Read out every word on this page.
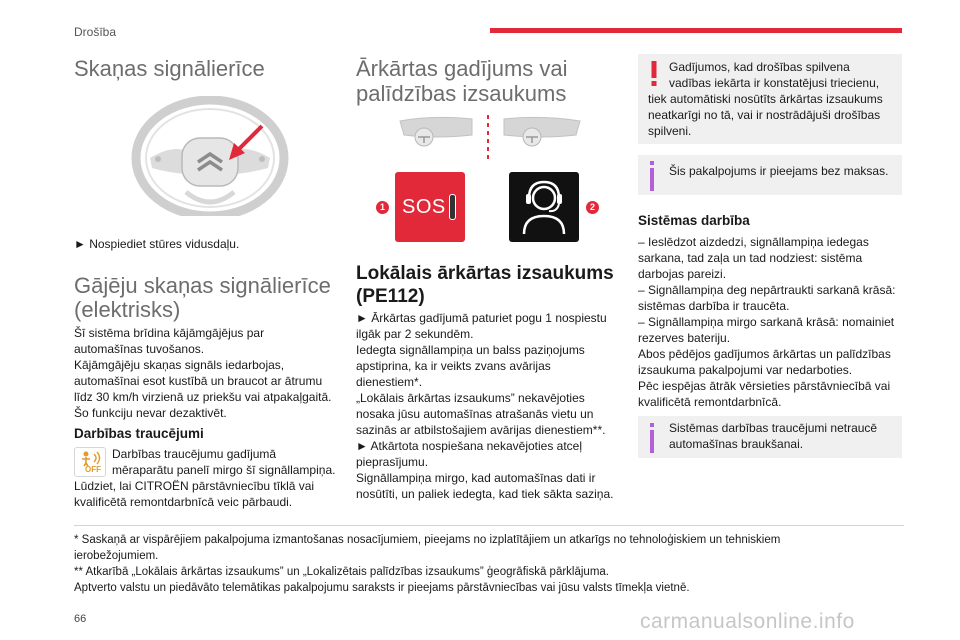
Drošība
Skaņas signālierīce
► Nospiediet stūres vidusdaļu.
Gājēju skaņas signālierīce
(elektrisks)
Šī sistēma brīdina kājāmgājējus par
automašīnas tuvošanos.
Kājāmgājēju skaņas signāls iedarbojas,
automašīnai esot kustībā un braucot ar ātrumu
līdz 30 km/h virzienā uz priekšu vai atpakaļgaitā.
Šo funkciju nevar dezaktivēt.
Darbības traucējumi
OFF
Darbības traucējumu gadījumā
mēraparātu panelī mirgo šī signāllampiņa.
Lūdziet, lai CITROËN pārstāvniecību tīklā vai
kvalificētā remontdarbnīcā veic pārbaudi.
Ārkārtas gadījums vai
palīdzības izsaukums
1 SOS	2
Lokālais ārkārtas izsaukums
(PE112)
► Ārkārtas gadījumā paturiet pogu 1 nospiestu
ilgāk par 2 sekundēm.
Iedegta signāllampiņa un balss paziņojums
apstiprina, ka ir veikts zvans avārijas
dienestiem*.
„Lokālais ārkārtas izsaukums” nekavējoties
nosaka jūsu automašīnas atrašanās vietu un
sazinās ar atbilstošajiem avārijas dienestiem**.
► Atkārtota nospiešana nekavējoties atceļ
pieprasījumu.
Signāllampiņa mirgo, kad automašīnas dati ir
nosūtīti, un paliek iedegta, kad tiek sākta saziņa.
Gadījumos, kad drošības spilvena
vadības iekārta ir konstatējusi triecienu,
tiek automātiski nosūtīts ārkārtas izsaukums
neatkarīgi no tā, vai ir nostrādājuši drošības
spilveni.
Šis pakalpojums ir pieejams bez maksas.
Sistēmas darbība
– Ieslēdzot aizdedzi, signāllampiņa iedegas
sarkana, tad zaļa un tad nodziest: sistēma
darbojas pareizi.
– Signāllampiņa deg nepārtraukti sarkanā krāsā:
sistēmas darbība ir traucēta.
– Signāllampiņa mirgo sarkanā krāsā: nomainiet
rezerves bateriju.
Abos pēdējos gadījumos ārkārtas un palīdzības
izsaukuma pakalpojumi var nedarboties.
Pēc iespējas ātrāk vērsieties pārstāvniecībā vai
kvalificētā remontdarbnīcā.
Sistēmas darbības traucējumi netraucē
automašīnas braukšanai.
* Saskaņā ar vispārējiem pakalpojuma izmantošanas nosacījumiem, pieejams no izplatītājiem un atkarīgs no tehnoloģiskiem un tehniskiem
ierobežojumiem.
** Atkarībā „Lokālais ārkārtas izsaukums” un „Lokalizētais palīdzības izsaukums” ģeogrāfiskā pārklājuma.
Aptverto valstu un piedāvāto telemātikas pakalpojumu saraksts ir pieejams pārstāvniecības vai jūsu valsts tīmekļa vietnē.
66	carmanualsonline.info
